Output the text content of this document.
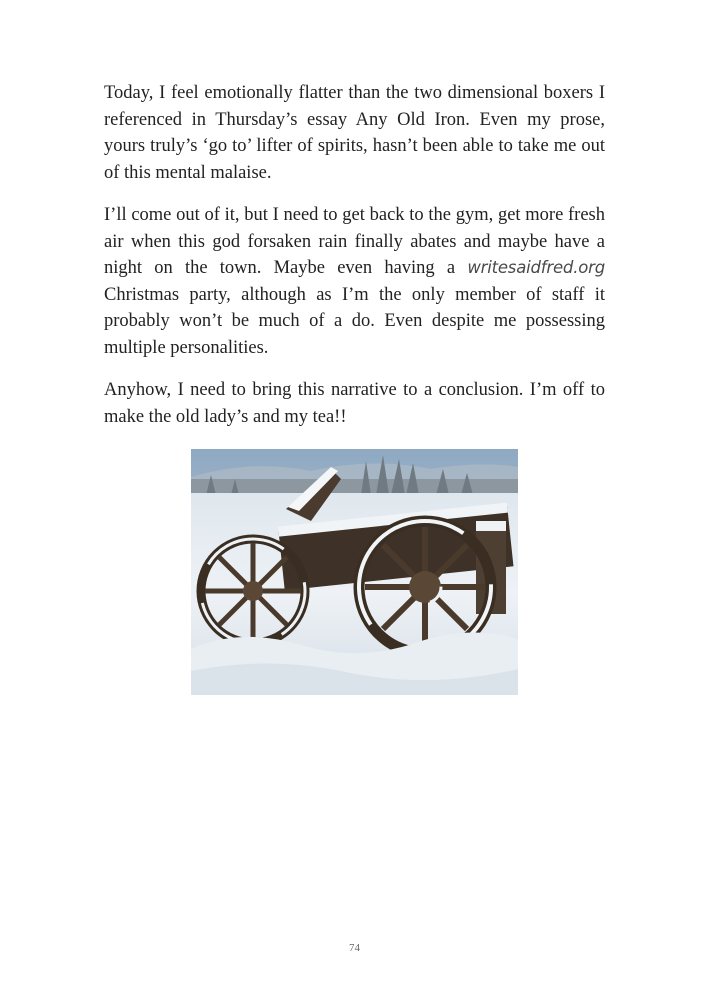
Today, I feel emotionally flatter than the two dimensional boxers I referenced in Thursday’s essay Any Old Iron. Even my prose, yours truly’s ‘go to’ lifter of spirits, hasn’t been able to take me out of this mental malaise.

I’ll come out of it, but I need to get back to the gym, get more fresh air when this god forsaken rain finally abates and maybe have a night on the town. Maybe even having a writesaidfred.org Christmas party, although as I’m the only member of staff it probably won’t be much of a do. Even despite me possessing multiple personalities.

Anyhow, I need to bring this narrative to a conclusion. I’m off to make the old lady’s and my tea!!

74
